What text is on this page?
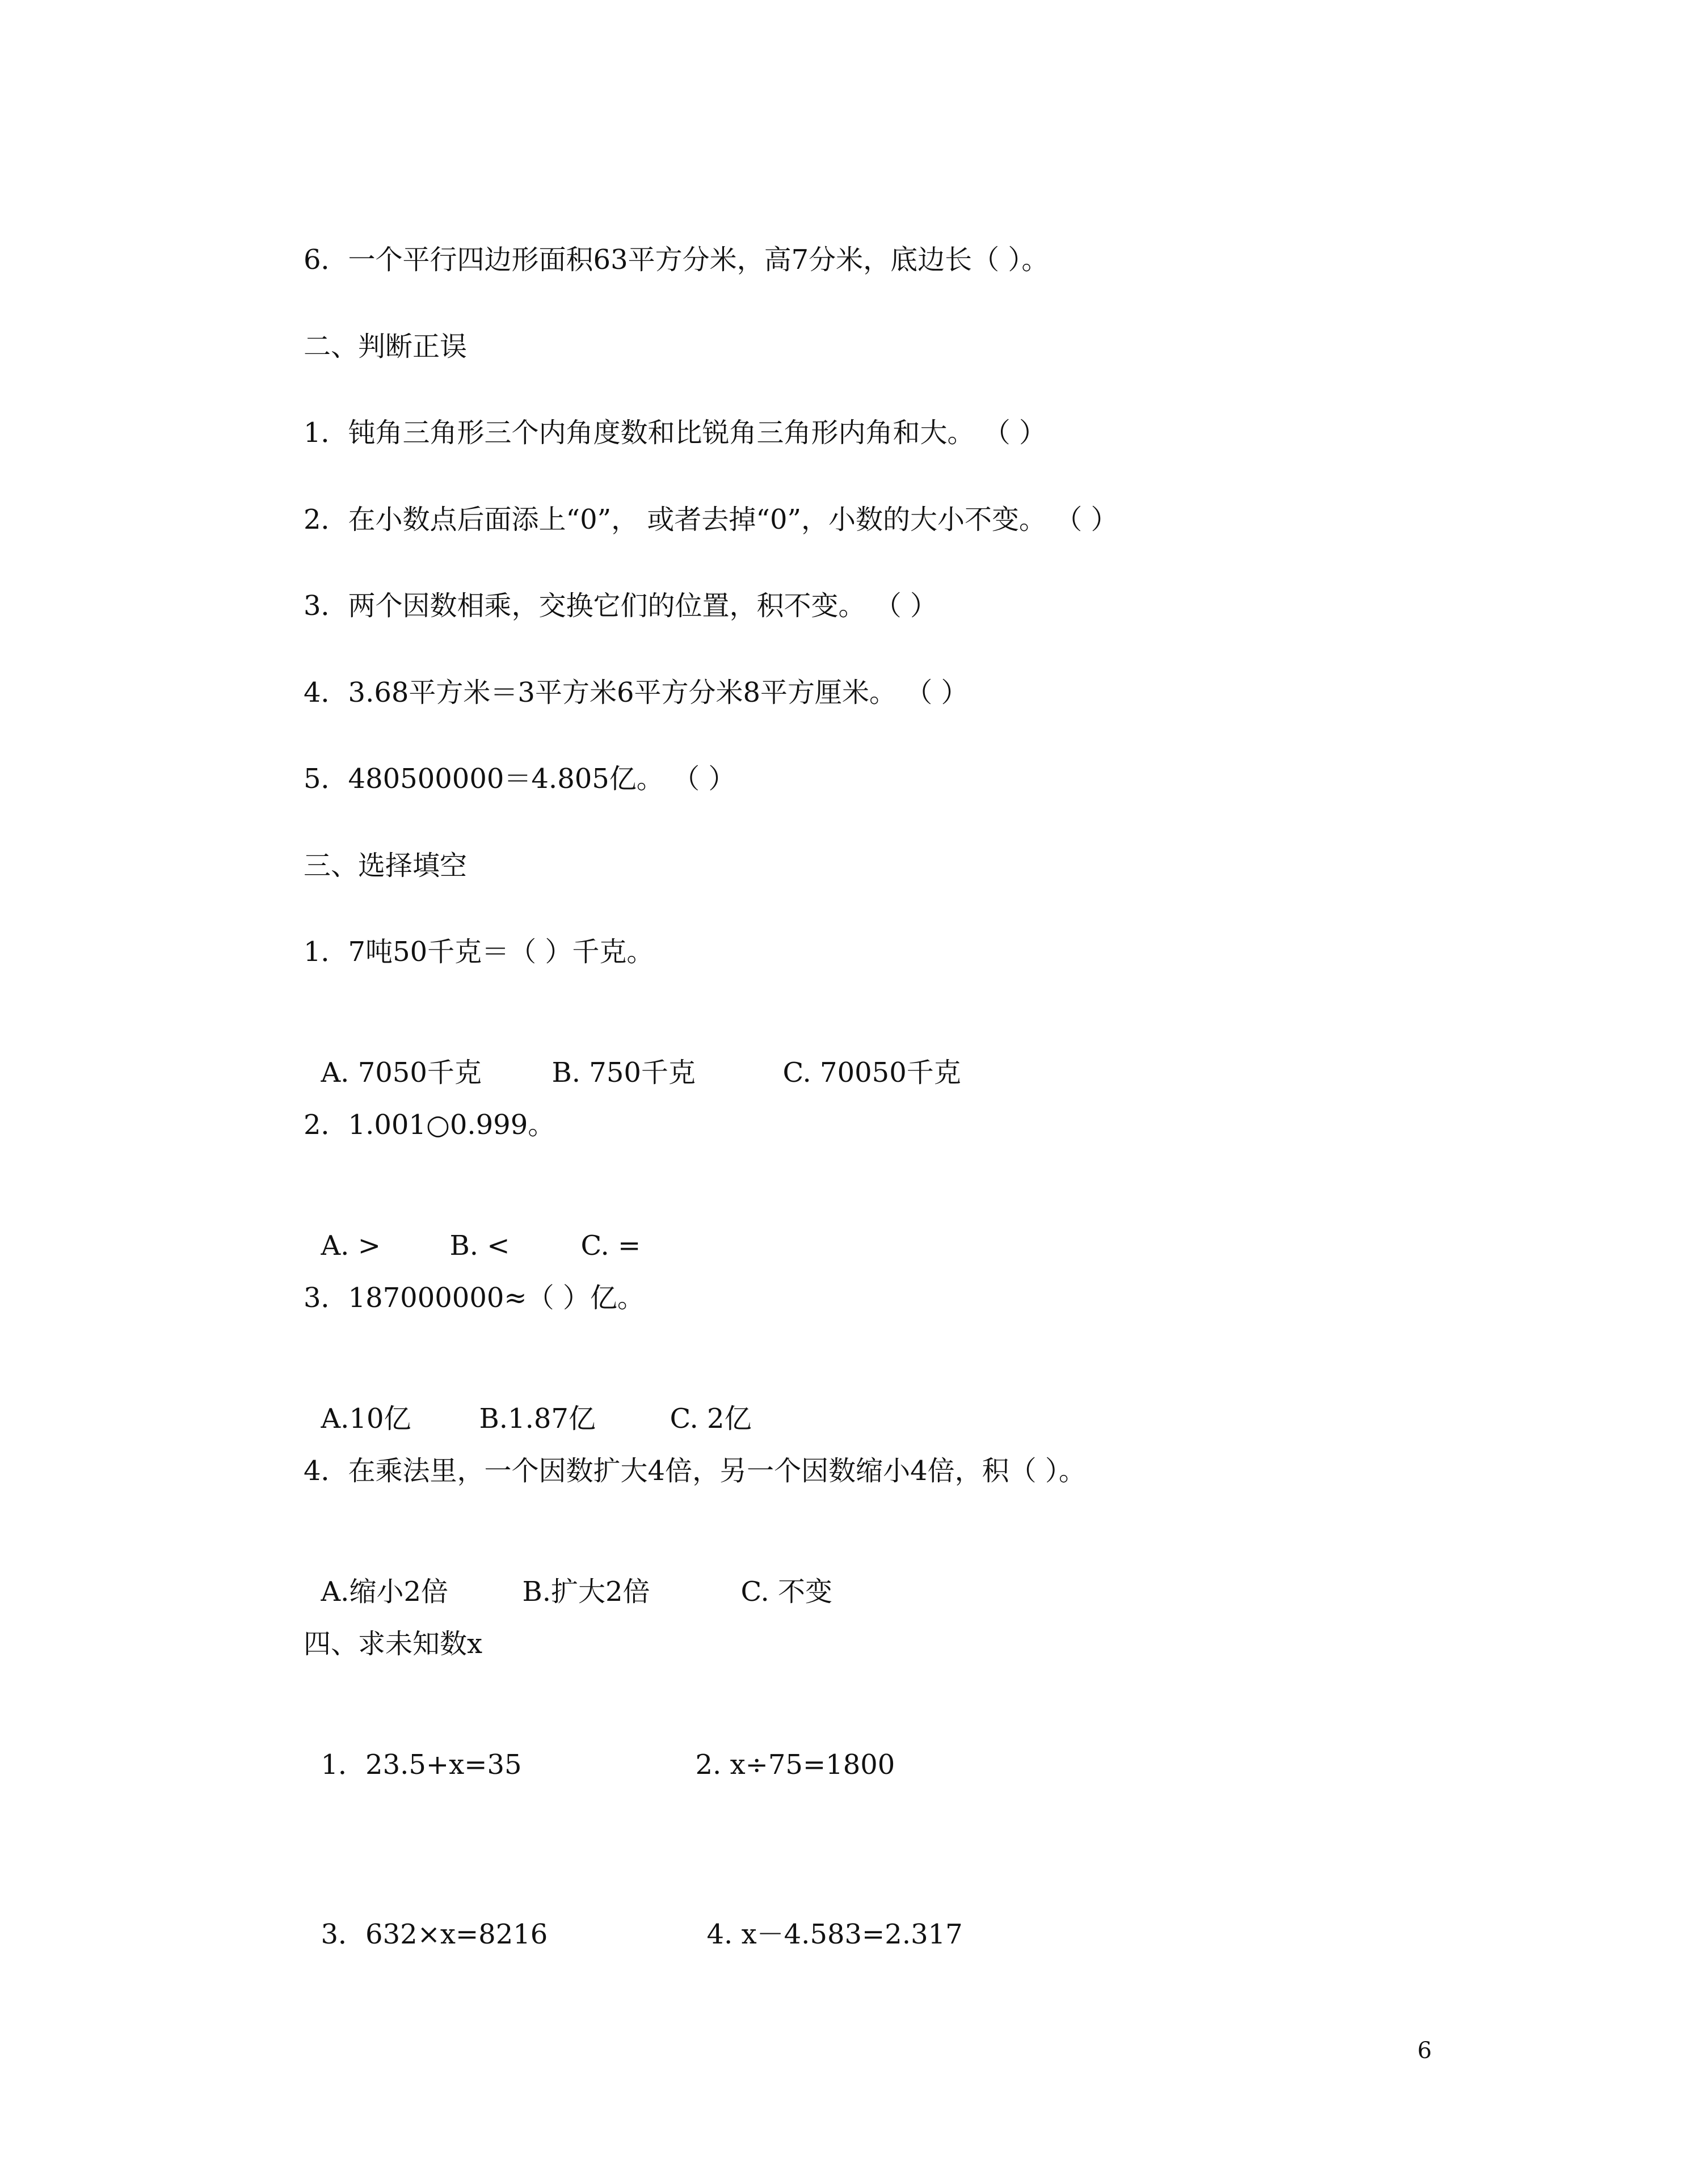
6．一个平行四边形面积63平方分米，高7分米，底边长（ ）。
二、判断正误
1．钝角三角形三个内角度数和比锐角三角形内角和大。 （ ）
2．在小数点后面添上“0”， 或者去掉“0”，小数的大小不变。 （ ）
3．两个因数相乘，交换它们的位置，积不变。 （ ）
4．3.68平方米＝3平方米6平方分米8平方厘米。 （ ）
5．480500000＝4.805亿。 （ ）
三、选择填空
1．7吨50千克＝（ ）千克。

A. 7050千克	B. 750千克	C. 70050千克

2．1.001○0.999。

A. >	B. <	C. =

3．187000000≈（ ）亿。

A.10亿 B.1.87亿	C. 2亿

4．在乘法里，一个因数扩大4倍，另一个因数缩小4倍，积（ ）。

A.缩小2倍	B.扩大2倍	C. 不变

四、求未知数x

1．23.5+x=35	2. x÷75=1800

3．632×x=8216	4. x－4.583=2.317

6
